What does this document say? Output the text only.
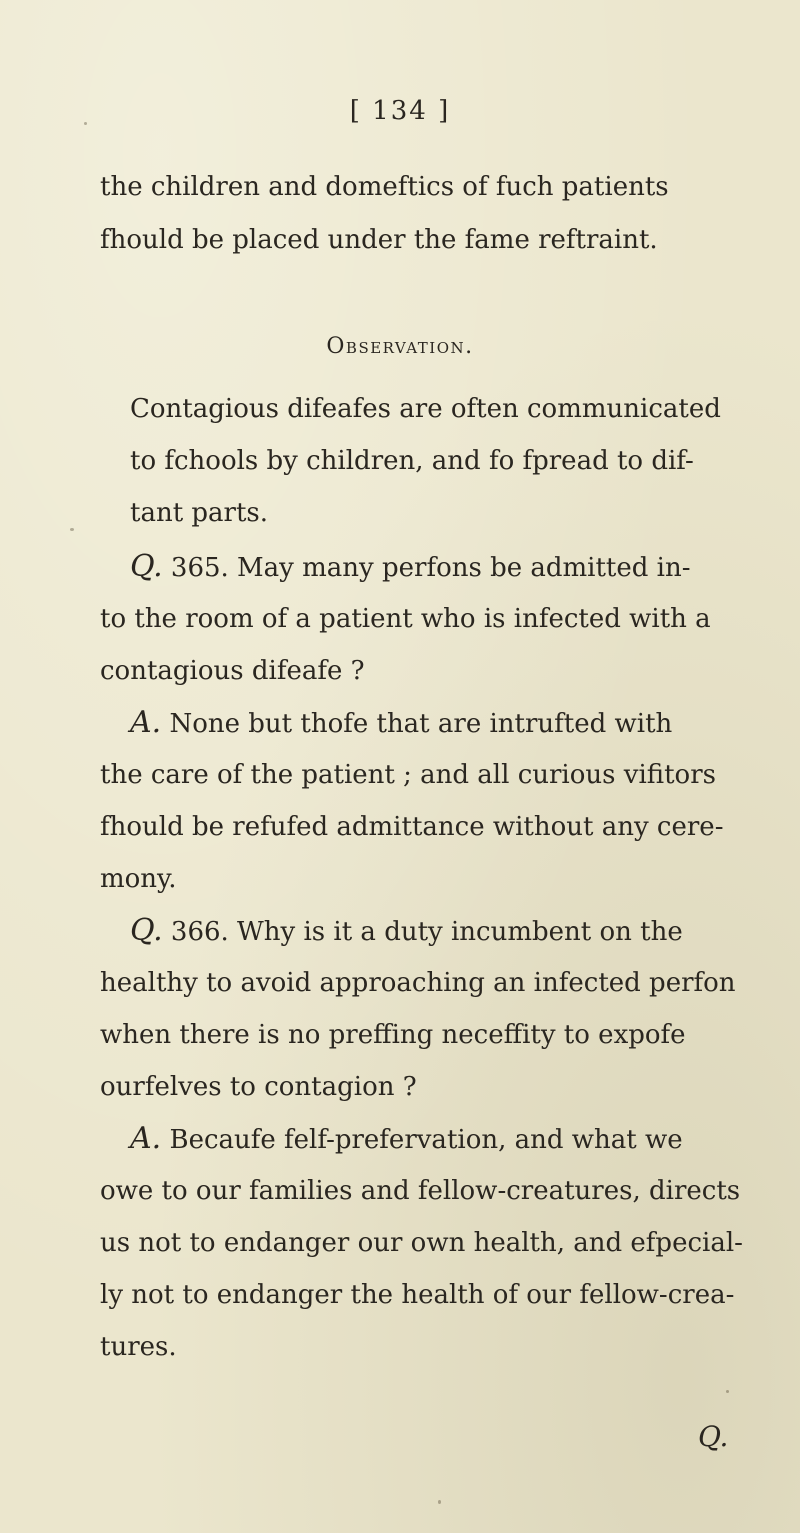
[ 134 ]
the children and domeftics of fuch patients
fhould be placed under the fame reftraint.
Observation.
Contagious difeafes are often communicated
to fchools by children, and fo fpread to dif-
tant parts.
Q. 365. May many perfons be admitted in-
to the room of a patient who is infected with a
contagious difeafe ?
A. None but thofe that are intrufted with
the care of the patient ; and all curious vifitors
fhould be refufed admittance without any cere-
mony.
Q. 366. Why is it a duty incumbent on the
healthy to avoid approaching an infected perfon
when there is no preffing neceffity to expofe
ourfelves to contagion ?
A. Becaufe felf-prefervation, and what we
owe to our families and fellow-creatures, directs
us not to endanger our own health, and efpecial-
ly not to endanger the health of our fellow-crea-
tures.
Q.
